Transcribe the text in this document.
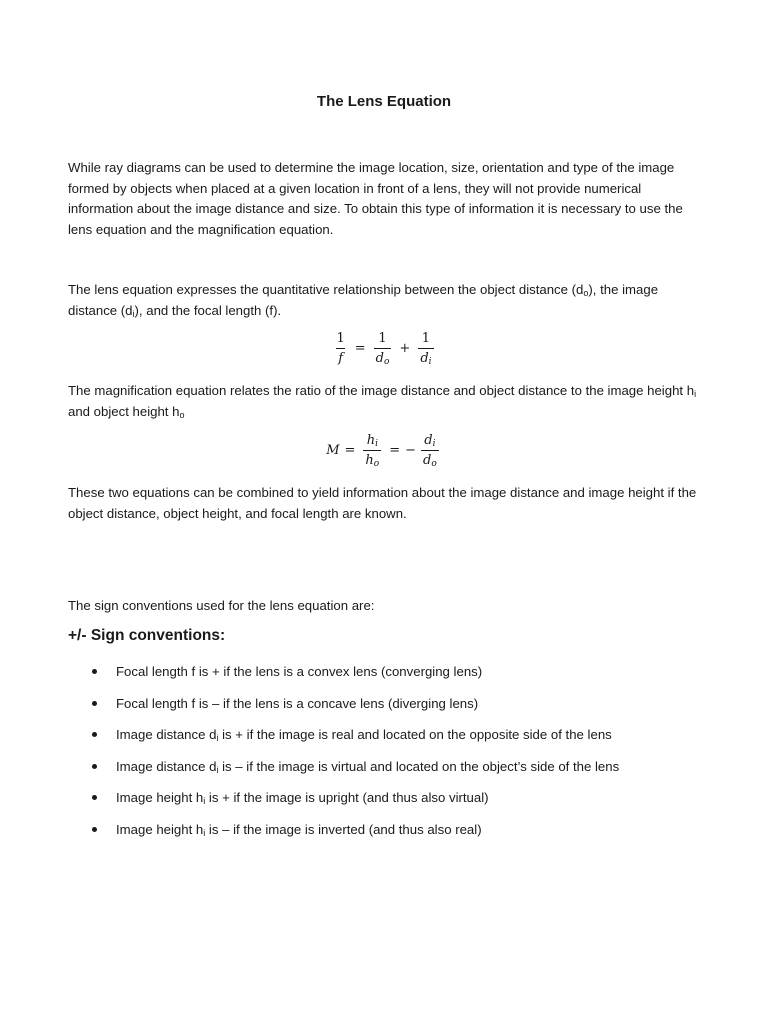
The Lens Equation

While ray diagrams can be used to determine the image location, size, orientation and type of the image formed by objects when placed at a given location in front of a lens, they will not provide numerical information about the image distance and size. To obtain this type of information it is necessary to use the lens equation and the magnification equation.

The lens equation expresses the quantitative relationship between the object distance $(d_o)$, the image distance $(d_i)$, and the focal length (f).

$\frac{1}{f} = \frac{1}{d_o} + \frac{1}{d_i}$

The magnification equation relates the ratio of the image distance and object distance to the image height $h_i$ and object height $h_o$

$M = \frac{h_i}{h_o}$ = − $\frac{d_i}{d_o}$

These two equations can be combined to yield information about the image distance and image height if the object distance, object height, and focal length are known.

The sign conventions used for the lens equation are:

+/- Sign conventions:
Focal length f is + if the lens is a convex lens (converging lens)
Focal length f is – if the lens is a concave lens (diverging lens)
Image distance $d_i$ is + if the image is real and located on the opposite side of the lens
Image distance $d_i$ is – if the image is virtual and located on the object’s side of the lens
Image height $h_i$ is + if the image is upright (and thus also virtual)
Image height $h_i$ is – if the image is inverted (and thus also real)
